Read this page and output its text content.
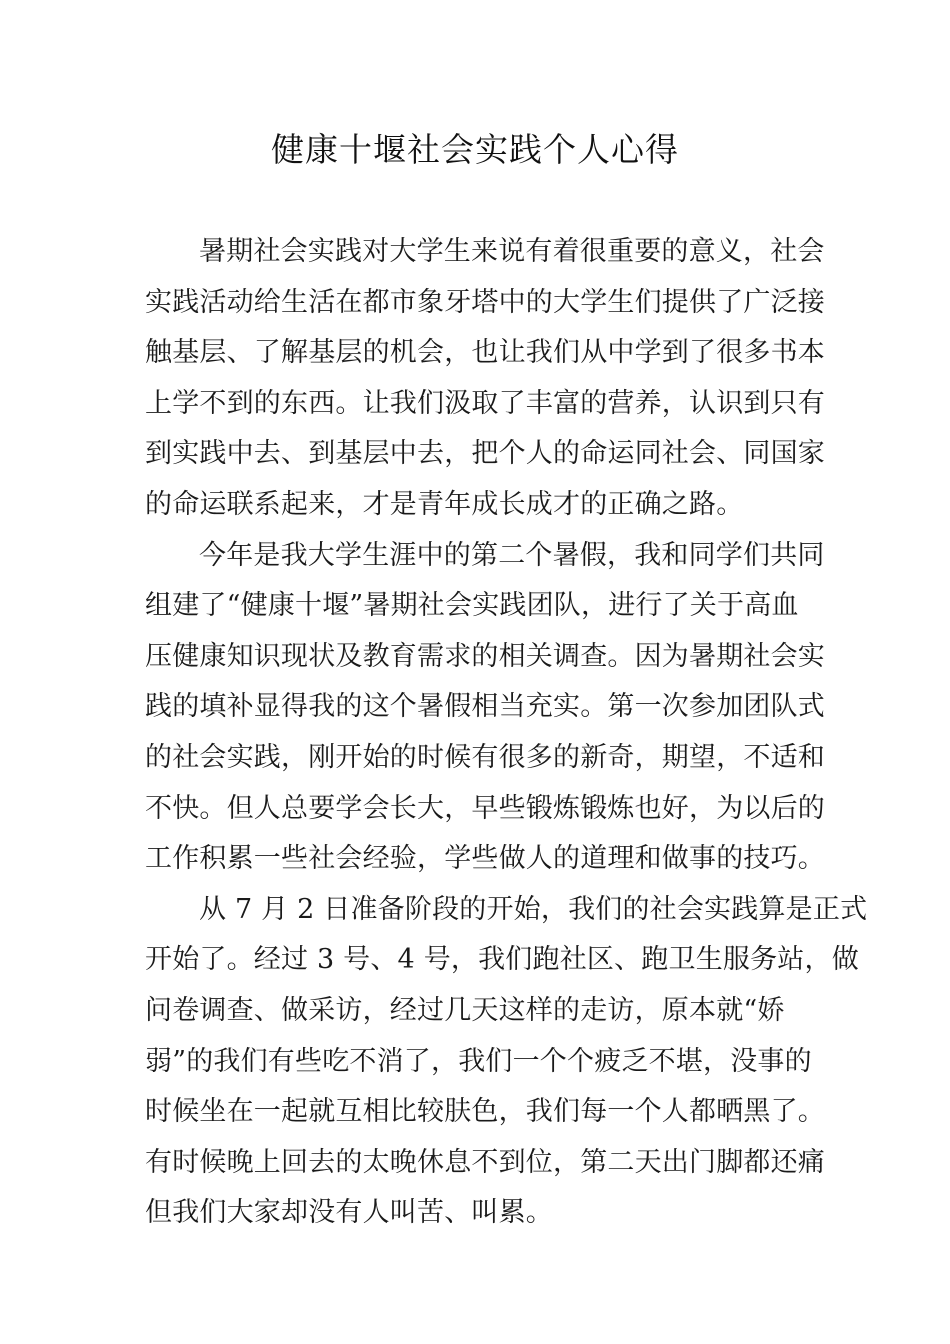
健康十堰社会实践个人心得
暑期社会实践对大学生来说有着很重要的意义，社会
实践活动给生活在都市象牙塔中的大学生们提供了广泛接
触基层、了解基层的机会，也让我们从中学到了很多书本
上学不到的东西。让我们汲取了丰富的营养，认识到只有
到实践中去、到基层中去，把个人的命运同社会、同国家
的命运联系起来，才是青年成长成才的正确之路。
今年是我大学生涯中的第二个暑假，我和同学们共同
组建了“健康十堰”暑期社会实践团队，进行了关于高血
压健康知识现状及教育需求的相关调查。因为暑期社会实
践的填补显得我的这个暑假相当充实。第一次参加团队式
的社会实践，刚开始的时候有很多的新奇，期望，不适和
不快。但人总要学会长大，早些锻炼锻炼也好，为以后的
工作积累一些社会经验，学些做人的道理和做事的技巧。
从 7 月 2 日准备阶段的开始，我们的社会实践算是正式
开始了。经过 3 号、4 号，我们跑社区、跑卫生服务站，做
问卷调查、做采访，经过几天这样的走访，原本就“娇
弱”的我们有些吃不消了，我们一个个疲乏不堪，没事的
时候坐在一起就互相比较肤色，我们每一个人都晒黑了。
有时候晚上回去的太晚休息不到位，第二天出门脚都还痛
但我们大家却没有人叫苦、叫累。
